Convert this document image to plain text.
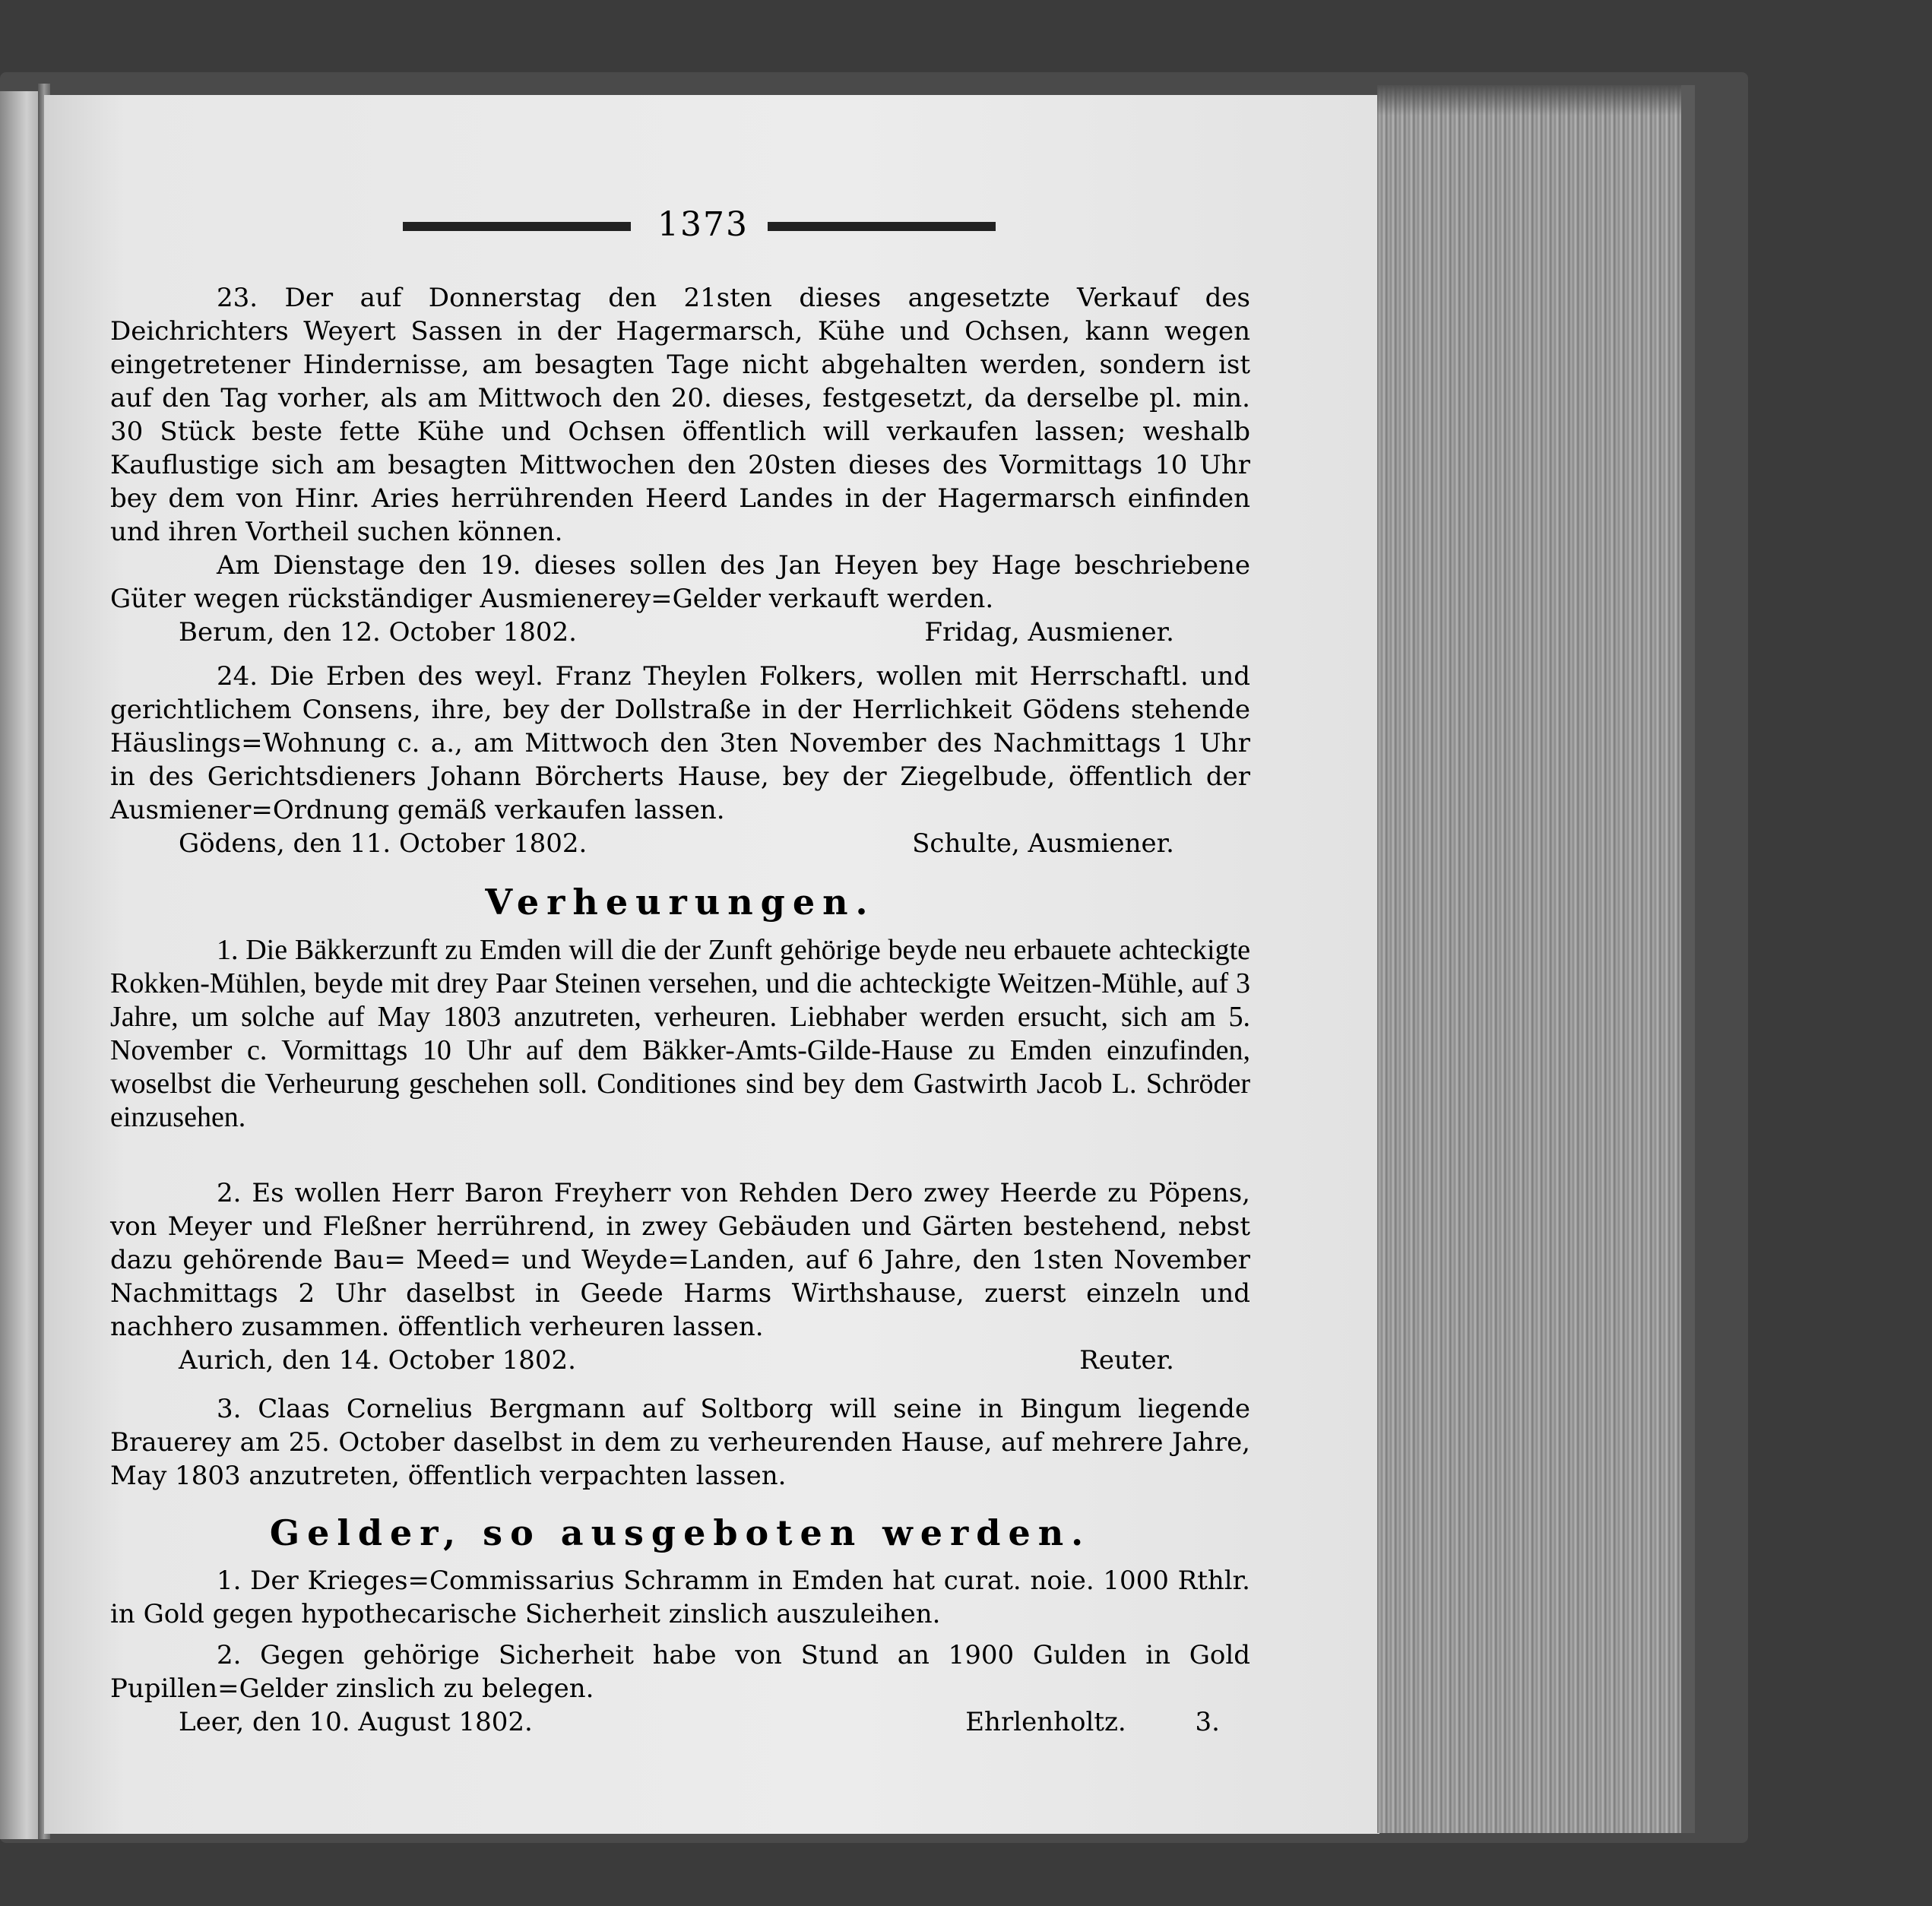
1373

23. Der auf Donnerstag den 21sten dieses angesetzte Verkauf des Deichrichters Weyert Sassen in der Hagermarsch, Kühe und Ochsen, kann wegen eingetretener Hindernisse, am besagten Tage nicht abgehalten werden, sondern ist auf den Tag vorher, als am Mittwoch den 20. dieses, festgesetzt, da derselbe pl. min. 30 Stück beste fette Kühe und Ochsen öffentlich will verkaufen lassen; weshalb Kauflustige sich am besagten Mittwochen den 20sten dieses des Vormittags 10 Uhr bey dem von Hinr. Aries herrührenden Heerd Landes in der Hagermarsch einfinden und ihren Vortheil suchen können.

Am Dienstage den 19. dieses sollen des Jan Heyen bey Hage beschriebene Güter wegen rückständiger Ausmienerey=Gelder verkauft werden.

Berum, den 12. October 1802.	Fridag, Ausmiener.

24. Die Erben des weyl. Franz Theylen Folkers, wollen mit Herrschaftl. und gerichtlichem Consens, ihre, bey der Dollstraße in der Herrlichkeit Gödens stehende Häuslings=Wohnung c. a., am Mittwoch den 3ten November des Nachmittags 1 Uhr in des Gerichtsdieners Johann Börcherts Hause, bey der Ziegelbude, öffentlich der Ausmiener=Ordnung gemäß verkaufen lassen.

Gödens, den 11. October 1802.	Schulte, Ausmiener.
Verheurungen.

1. Die Bäkkerzunft zu Emden will die der Zunft gehörige beyde neu erbauete achteckigte Rokken-Mühlen, beyde mit drey Paar Steinen versehen, und die achteckigte Weitzen-Mühle, auf 3 Jahre, um solche auf May 1803 anzutreten, verheuren. Liebhaber werden ersucht, sich am 5. November c. Vormittags 10 Uhr auf dem Bäkker-Amts-Gilde-Hause zu Emden einzufinden, woselbst die Verheurung geschehen soll. Conditiones sind bey dem Gastwirth Jacob L. Schröder einzusehen.

2. Es wollen Herr Baron Freyherr von Rehden Dero zwey Heerde zu Pöpens, von Meyer und Fleßner herrührend, in zwey Gebäuden und Gärten bestehend, nebst dazu gehörende Bau= Meed= und Weyde=Landen, auf 6 Jahre, den 1sten November Nachmittags 2 Uhr daselbst in Geede Harms Wirthshause, zuerst einzeln und nachhero zusammen. öffentlich verheuren lassen.

Aurich, den 14. October 1802.	Reuter.

3. Claas Cornelius Bergmann auf Soltborg will seine in Bingum liegende Brauerey am 25. October daselbst in dem zu verheurenden Hause, auf mehrere Jahre, May 1803 anzutreten, öffentlich verpachten lassen.

Gelder, so ausgeboten werden.

1. Der Krieges=Commissarius Schramm in Emden hat curat. noie. 1000 Rthlr. in Gold gegen hypothecarische Sicherheit zinslich auszuleihen.

2. Gegen gehörige Sicherheit habe von Stund an 1900 Gulden in Gold Pupillen=Gelder zinslich zu belegen.

Leer, den 10. August 1802.	Ehrlenholtz.	3.
